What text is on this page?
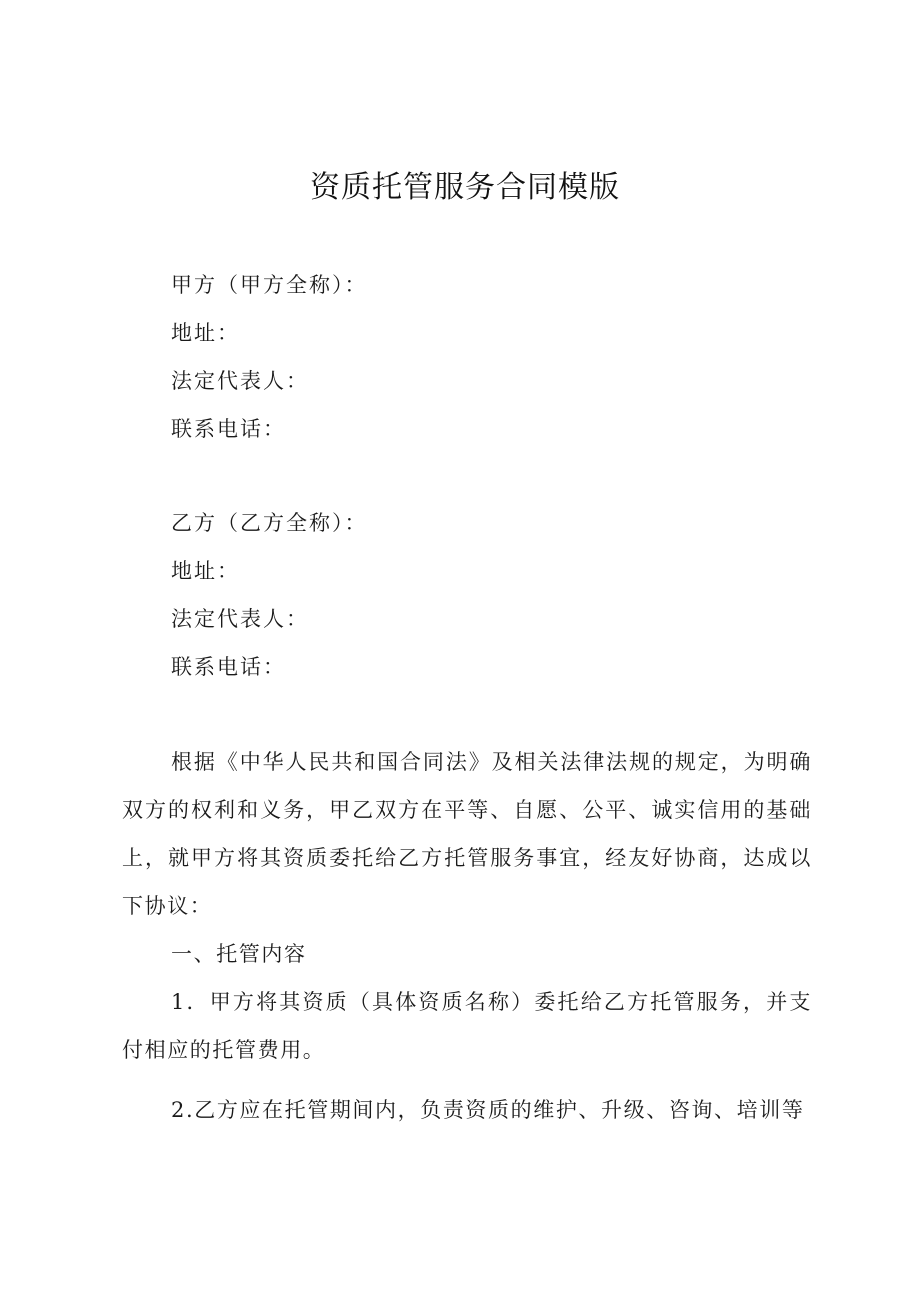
资质托管服务合同模版
甲方（甲方全称）：
地址：
法定代表人：
联系电话：
乙方（乙方全称）：
地址：
法定代表人：
联系电话：

根据《中华人民共和国合同法》及相关法律法规的规定，为明确双方的权利和义务，甲乙双方在平等、自愿、公平、诚实信用的基础上，就甲方将其资质委托给乙方托管服务事宜，经友好协商，达成以下协议：

一、托管内容

1．甲方将其资质（具体资质名称）委托给乙方托管服务，并支付相应的托管费用。

2.乙方应在托管期间内，负责资质的维护、升级、咨询、培训等
